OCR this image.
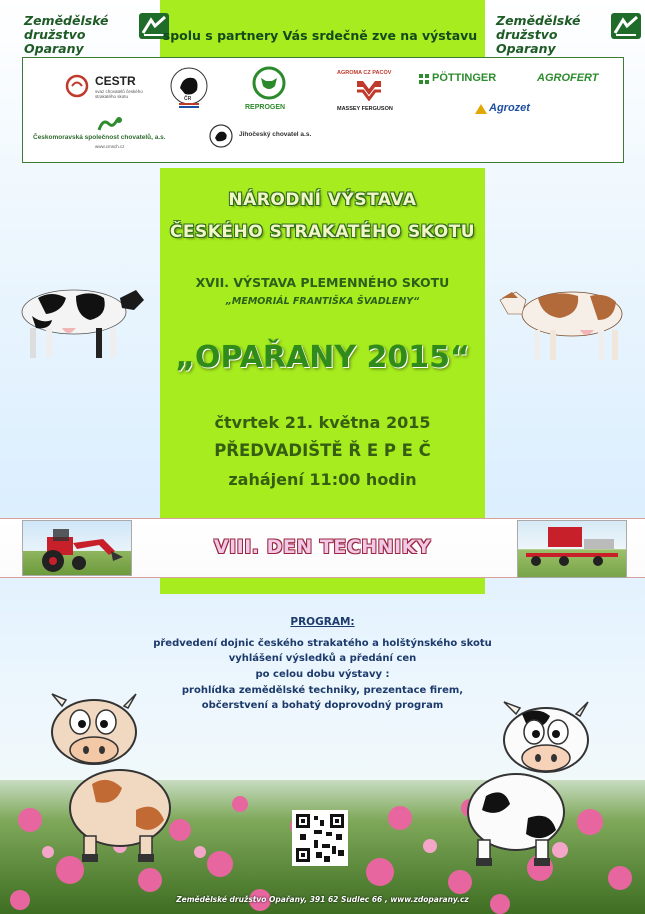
Zemědělské družstvo Oparany
spolu s partnery Vás srdečně zve na výstavu
Zemědělské družstvo Oparany
CESTR
svaz chovatelů českého strakatého skotu	ČR
REPROGEN
AGROMA CZ PACOV
MASSEY FERGUSON
PÖTTINGER	AGROFERT
Agrozet
Českomoravská společnost chovatelů, a.s.
www.cmsch.cz
Jihočeský chovatel a.s.
NÁRODNÍ VÝSTAVA
ČESKÉHO STRAKATÉHO SKOTU
XVII. VÝSTAVA PLEMENNÉHO SKOTU
„MEMORIÁL FRANTIŠKA ŠVADLENY“
„OPAŘANY 2015“
čtvrtek 21. května 2015
PŘEDVADIŠTĚ Ř E P E Č
zahájení 11:00 hodin
VIII. DEN TECHNIKY
PROGRAM:
předvedení dojnic českého strakatého a holštýnského skotu
vyhlášení výsledků a předání cen
po celou dobu výstavy :
prohlídka zemědělské techniky, prezentace firem,
občerstvení a bohatý doprovodný program
Zemědělské družstvo Opařany, 391 62 Sudlec 66 , www.zdoparany.cz
